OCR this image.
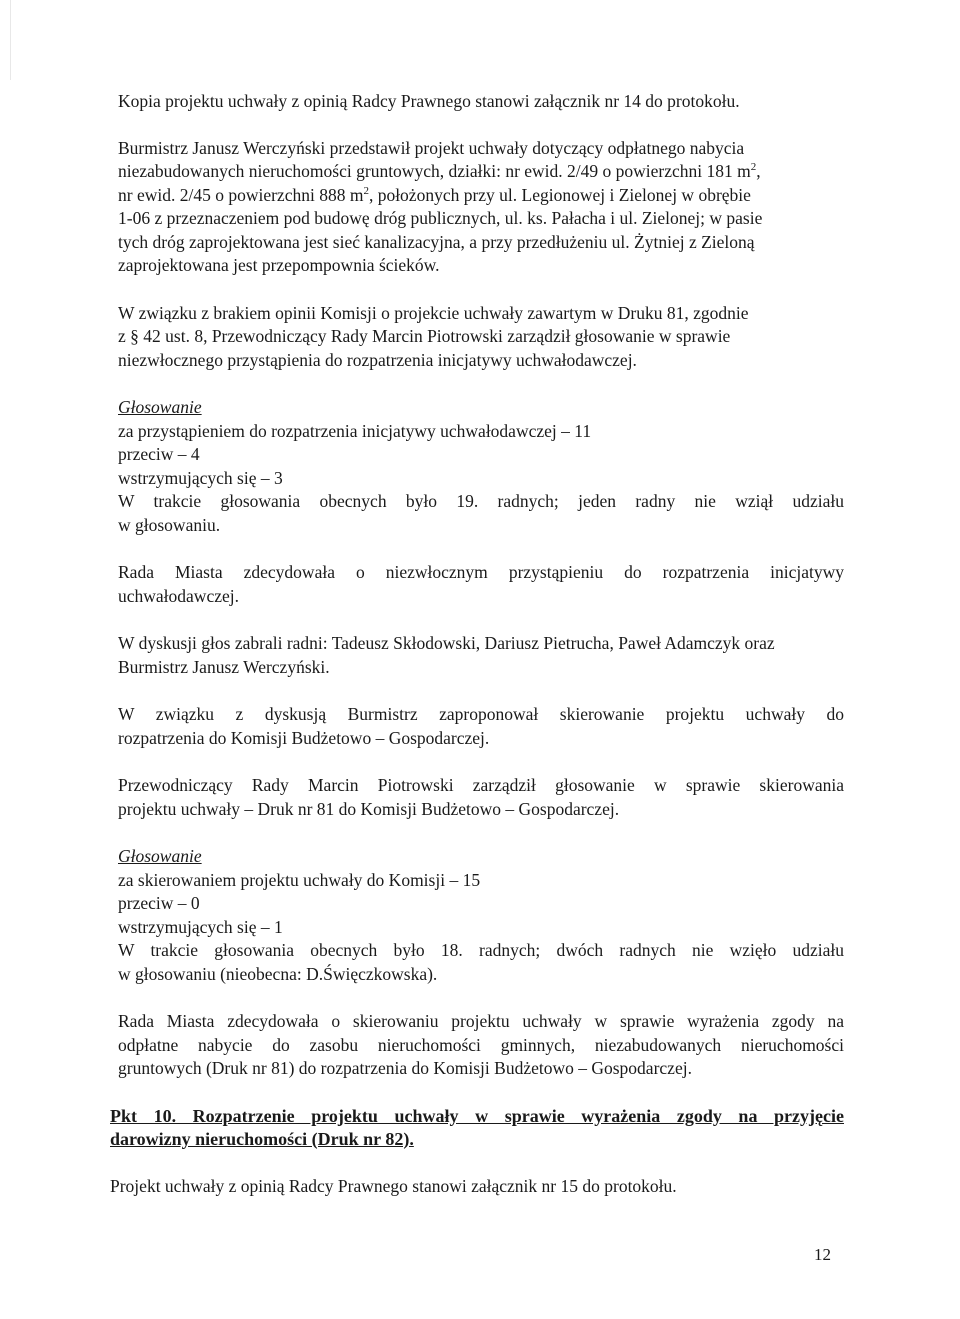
Kopia projektu uchwały z opinią Radcy Prawnego stanowi załącznik nr 14 do protokołu.

Burmistrz Janusz Werczyński przedstawił projekt uchwały dotyczący odpłatnego nabycia
niezabudowanych nieruchomości gruntowych, działki: nr ewid. 2/49 o powierzchni 181 $m^2$,
nr ewid. 2/45 o powierzchni 888 $m^2$, położonych przy ul. Legionowej i Zielonej w obrębie
1-06 z przeznaczeniem pod budowę dróg publicznych, ul. ks. Pałacha i ul. Zielonej; w pasie
tych dróg zaprojektowana jest sieć kanalizacyjna, a przy przedłużeniu ul. Żytniej z Zieloną
zaprojektowana jest przepompownia ścieków.

W związku z brakiem opinii Komisji o projekcie uchwały zawartym w Druku 81, zgodnie
z § 42 ust. 8, Przewodniczący Rady Marcin Piotrowski zarządził głosowanie w sprawie
niezwłocznego przystąpienia do rozpatrzenia inicjatywy uchwałodawczej.

Głosowanie
za przystąpieniem do rozpatrzenia inicjatywy uchwałodawczej – 11
przeciw – 4
wstrzymujących się – 3
W trakcie głosowania obecnych było 19. radnych; jeden radny nie wziął udziału
w głosowaniu.

Rada Miasta zdecydowała o niezwłocznym przystąpieniu do rozpatrzenia inicjatywy
uchwałodawczej.

W dyskusji głos zabrali radni: Tadeusz Skłodowski, Dariusz Pietrucha, Paweł Adamczyk oraz
Burmistrz Janusz Werczyński.

W związku z dyskusją Burmistrz zaproponował skierowanie projektu uchwały do
rozpatrzenia do Komisji Budżetowo – Gospodarczej.

Przewodniczący Rady Marcin Piotrowski zarządził głosowanie w sprawie skierowania
projektu uchwały – Druk nr 81 do Komisji Budżetowo – Gospodarczej.

Głosowanie
za skierowaniem projektu uchwały do Komisji – 15
przeciw – 0
wstrzymujących się – 1
W trakcie głosowania obecnych było 18. radnych; dwóch radnych nie wzięło udziału
w głosowaniu (nieobecna: D.Święczkowska).

Rada Miasta zdecydowała o skierowaniu projektu uchwały w sprawie wyrażenia zgody na
odpłatne nabycie do zasobu nieruchomości gminnych, niezabudowanych nieruchomości
gruntowych (Druk nr 81) do rozpatrzenia do Komisji Budżetowo – Gospodarczej.

Pkt 10. Rozpatrzenie projektu uchwały w sprawie wyrażenia zgody na przyjęcie
darowizny nieruchomości (Druk nr 82).

Projekt uchwały z opinią Radcy Prawnego stanowi załącznik nr 15 do protokołu.

12
